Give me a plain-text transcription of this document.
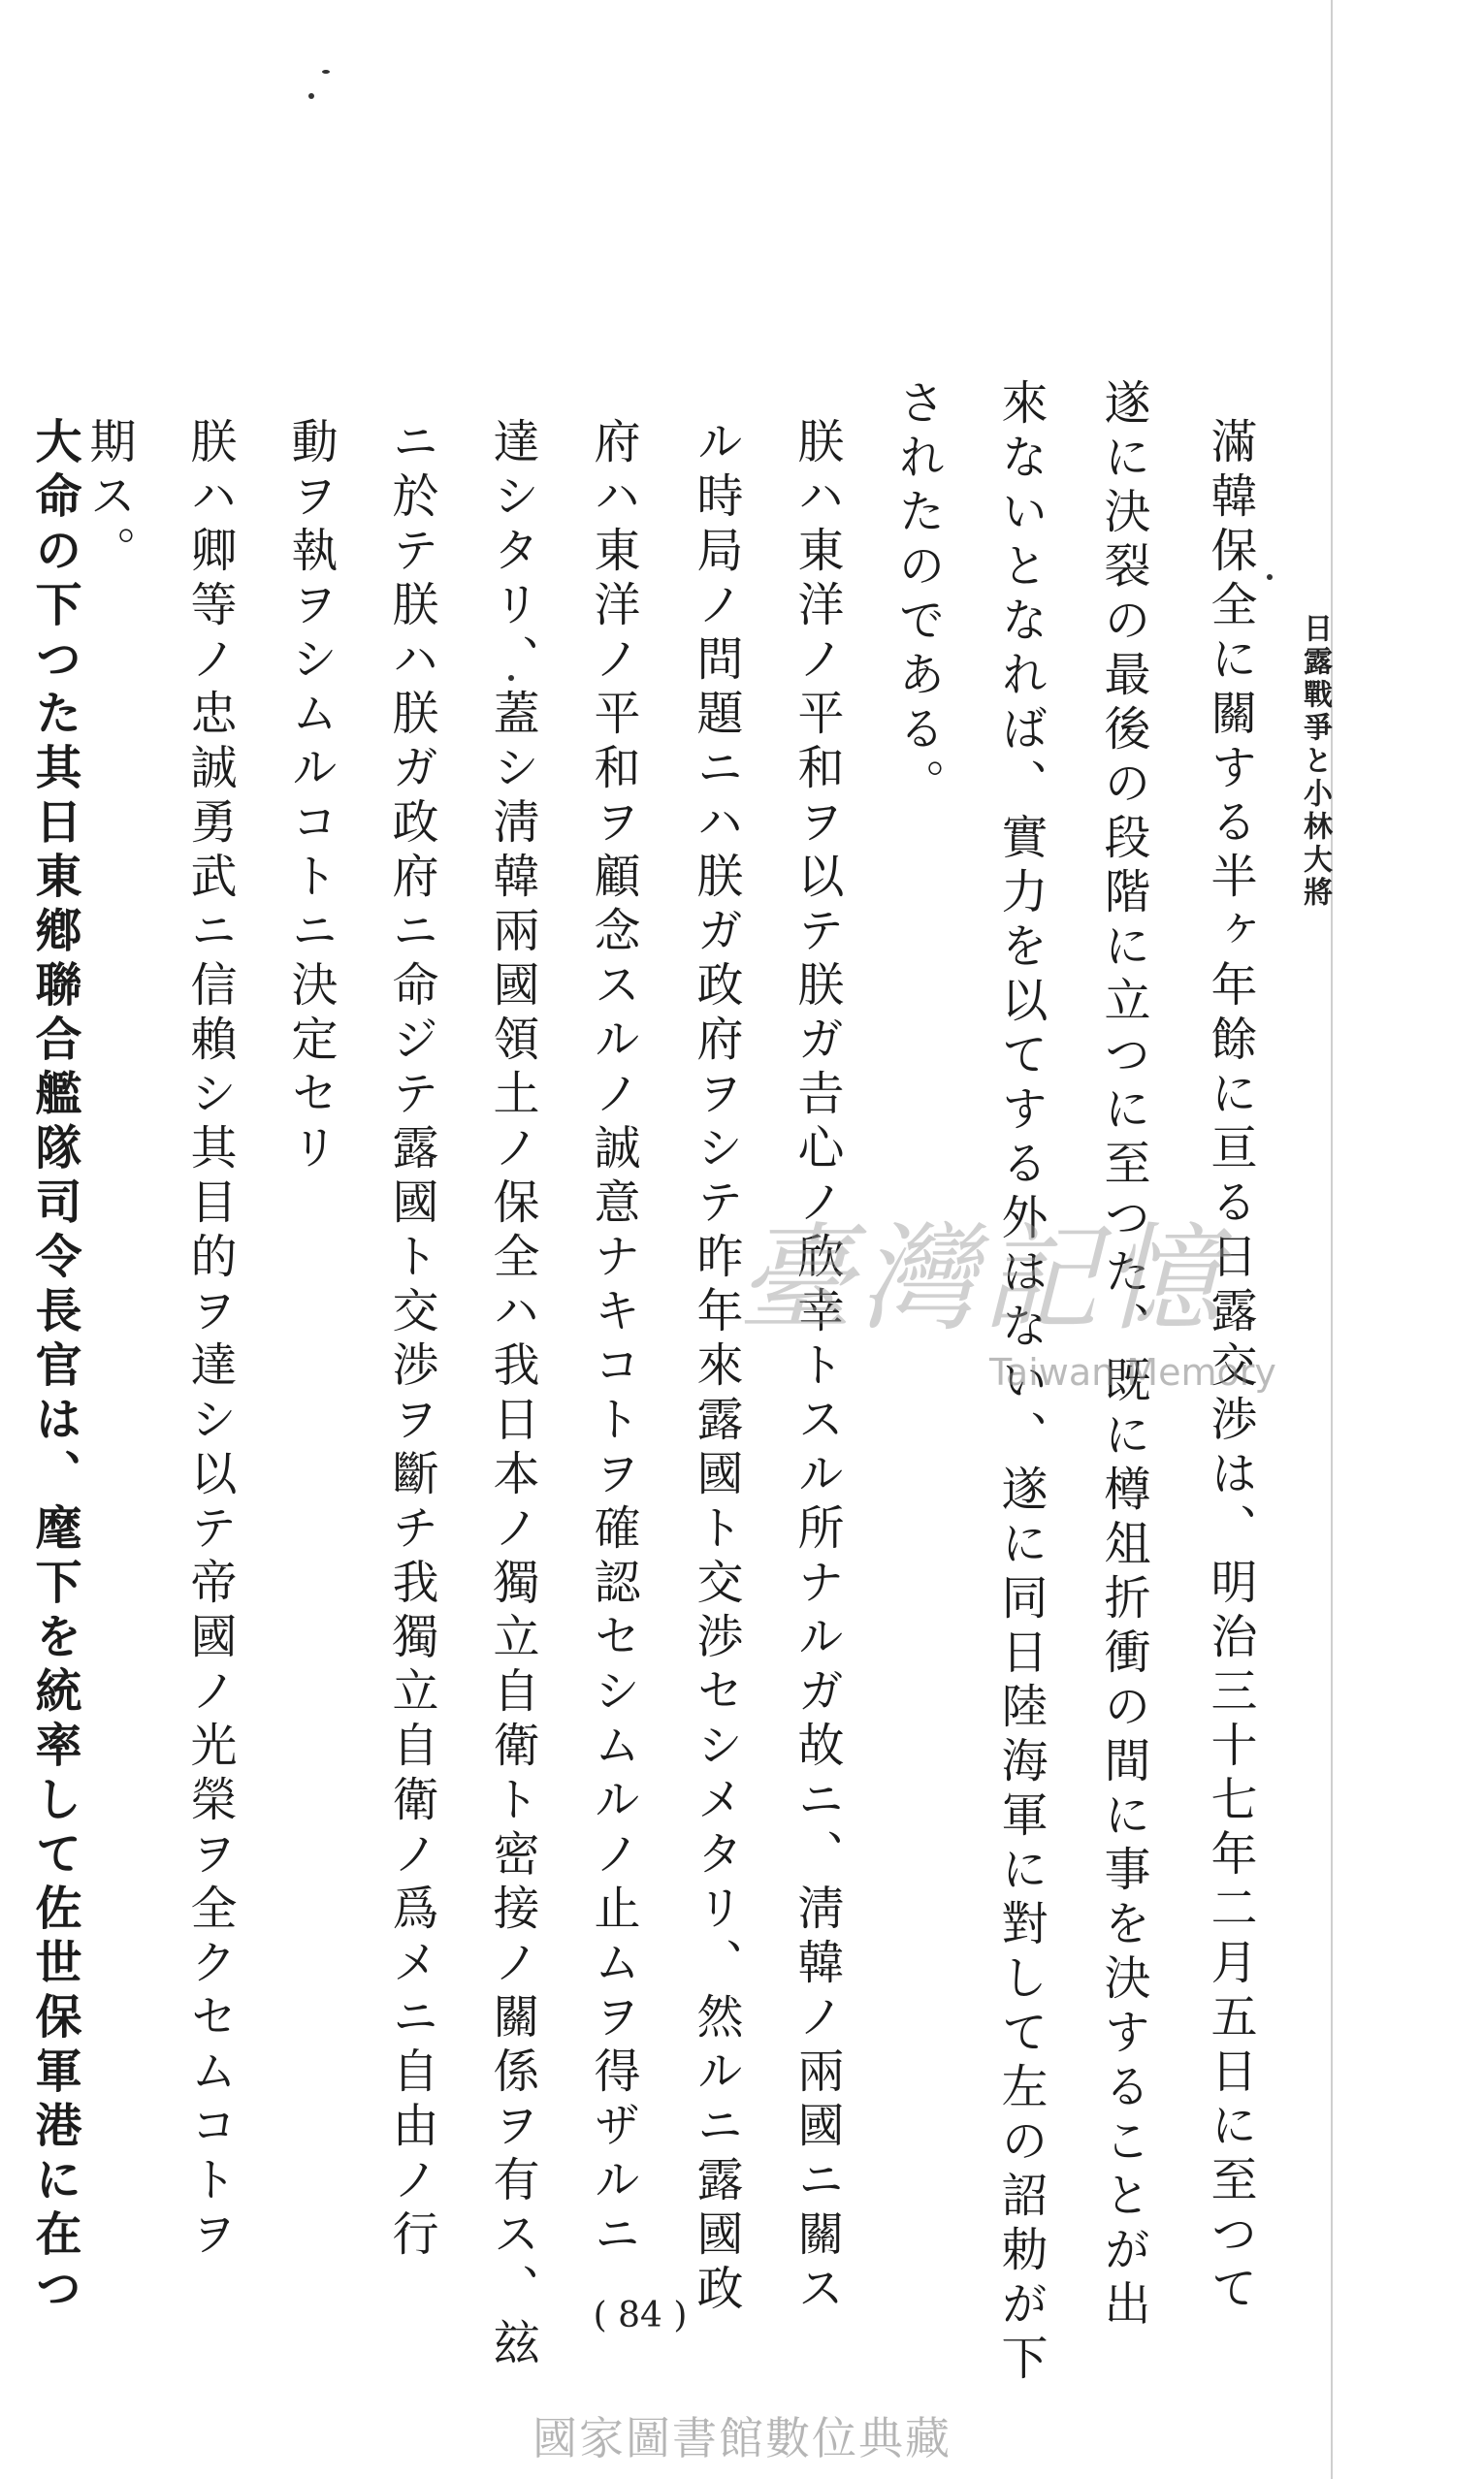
日露戰爭と小林大將
滿韓保全に關する半ヶ年餘に亘る日露交渉は、明治三十七年二月五日に至つて
遂に決裂の最後の段階に立つに至つた、既に樽俎折衝の間に事を決することが出
來ないとなれば、實力を以てする外はない、遂に同日陸海軍に對して左の詔勅が下
されたのである。
朕ハ東洋ノ平和ヲ以テ朕ガ𠮷心ノ欣幸トスル所ナルガ故ニ、淸韓ノ兩國ニ關ス
ル時局ノ問題ニハ朕ガ政府ヲシテ昨年來露國ト交渉セシメタリ、然ルニ露國政
府ハ東洋ノ平和ヲ顧念スルノ誠意ナキコトヲ確認セシムルノ止ムヲ得ザルニ
達シタリ、蓋シ淸韓兩國領土ノ保全ハ我日本ノ獨立自衛ト密接ノ關係ヲ有ス、玆
ニ於テ朕ハ朕ガ政府ニ命ジテ露國ト交渉ヲ斷チ我獨立自衛ノ爲メニ自由ノ行
動ヲ執ヲシムルコトニ決定セリ
朕ハ卿等ノ忠誠勇武ニ信賴シ其目的ヲ達シ以テ帝國ノ光榮ヲ全クセムコトヲ
期ス。
大命の下つた其日東鄕聯合艦隊司令長官は、麾下を統率して佐世保軍港に在つ	( 84 )
臺灣記憶
Taiwan Memory
國家圖書館數位典藏
